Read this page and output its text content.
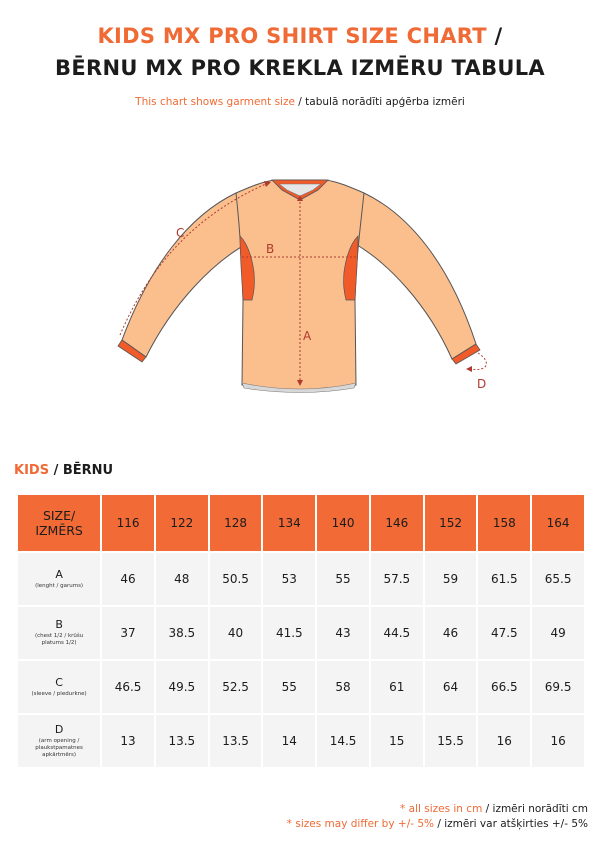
KIDS MX PRO SHIRT SIZE CHART /
BĒRNU MX PRO KREKLA IZMĒRU TABULA
This chart shows garment size / tabulā norādīti apģērba izmēri
A
B
C
D
KIDS / BĒRNU
SIZE/
IZMĒRS	116	122	128	134	140	146	152	158	164
A
(lenght / garums)	46	48	50.5	53	55	57.5	59	61.5	65.5
B
(chest 1/2 / krūšu
platums 1/2)	37	38.5	40	41.5	43	44.5	46	47.5	49
C
(sleeve / piedurkne)	46.5	49.5	52.5	55	58	61	64	66.5	69.5
D
(arm opening /
plaukstpamatnes
apkārtmērs)	13	13.5	13.5	14	14.5	15	15.5	16	16
* all sizes in cm / izmēri norādīti cm
* sizes may differ by +/- 5% / izmēri var atšķirties +/- 5%
